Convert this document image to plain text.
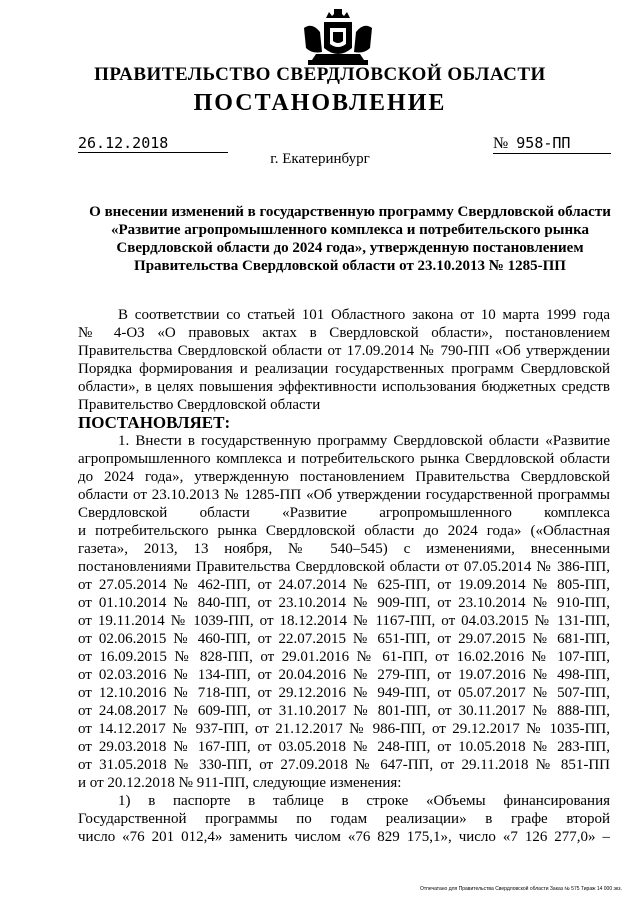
ПРАВИТЕЛЬСТВО СВЕРДЛОВСКОЙ ОБЛАСТИ
ПОСТАНОВЛЕНИЕ
26.12.2018	№ 958-ПП
г. Екатеринбург
О внесении изменений в государственную программу Свердловской области
«Развитие агропромышленного комплекса и потребительского рынка
Свердловской области до 2024 года», утвержденную постановлением
Правительства Свердловской области от 23.10.2013 № 1285-ПП
В соответствии со статьей 101 Областного закона от 10 марта 1999 года
№ 4-ОЗ «О правовых актах в Свердловской области», постановлением
Правительства Свердловской области от 17.09.2014 № 790-ПП «Об утверждении
Порядка формирования и реализации государственных программ Свердловской
области», в целях повышения эффективности использования бюджетных средств
Правительство Свердловской области
ПОСТАНОВЛЯЕТ:
1. Внести в государственную программу Свердловской области «Развитие
агропромышленного комплекса и потребительского рынка Свердловской области
до 2024 года», утвержденную постановлением Правительства Свердловской
области от 23.10.2013 № 1285-ПП «Об утверждении государственной программы
Свердловской области «Развитие агропромышленного комплекса
и потребительского рынка Свердловской области до 2024 года» («Областная
газета», 2013, 13 ноября, № 540–545) с изменениями, внесенными
постановлениями Правительства Свердловской области от 07.05.2014 № 386-ПП,
от 27.05.2014 № 462-ПП, от 24.07.2014 № 625-ПП, от 19.09.2014 № 805-ПП,
от 01.10.2014 № 840-ПП, от 23.10.2014 № 909-ПП, от 23.10.2014 № 910-ПП,
от 19.11.2014 № 1039-ПП, от 18.12.2014 № 1167-ПП, от 04.03.2015 № 131-ПП,
от 02.06.2015 № 460-ПП, от 22.07.2015 № 651-ПП, от 29.07.2015 № 681-ПП,
от 16.09.2015 № 828-ПП, от 29.01.2016 № 61-ПП, от 16.02.2016 № 107-ПП,
от 02.03.2016 № 134-ПП, от 20.04.2016 № 279-ПП, от 19.07.2016 № 498-ПП,
от 12.10.2016 № 718-ПП, от 29.12.2016 № 949-ПП, от 05.07.2017 № 507-ПП,
от 24.08.2017 № 609-ПП, от 31.10.2017 № 801-ПП, от 30.11.2017 № 888-ПП,
от 14.12.2017 № 937-ПП, от 21.12.2017 № 986-ПП, от 29.12.2017 № 1035-ПП,
от 29.03.2018 № 167-ПП, от 03.05.2018 № 248-ПП, от 10.05.2018 № 283-ПП,
от 31.05.2018 № 330-ПП, от 27.09.2018 № 647-ПП, от 29.11.2018 № 851-ПП
и от 20.12.2018 № 911-ПП, следующие изменения:
1) в паспорте в таблице в строке «Объемы финансирования
Государственной программы по годам реализации» в графе второй
число «76 201 012,4» заменить числом «76 829 175,1», число «7 126 277,0» –
Отпечатано для Правительства Свердловской области Заказ № 575 Тираж 14 000 экз.
